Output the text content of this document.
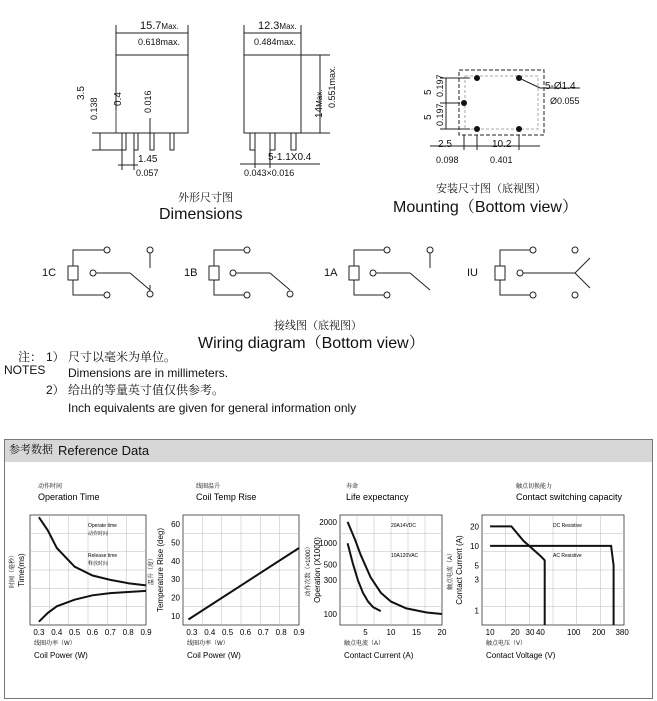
15.7Max.
0.618max.
3.5
0.138 0.4 0.016
1.45
0.057
12.3Max.
0.484max.
14Max. 0.551max.
5-1.1X0.4
0.043×0.016
外形尺寸图
Dimensions
5-Ø1.4
Ø0.055
5
5
0.197
0.197
2.5
0.098
10.2
0.401
安装尺寸图（底视图）
Mounting（Bottom view）
1C	1B	1A	IU
接线图（底视图）
Wiring diagram（Bottom view）
注：
NOTES
1） 尺寸以毫米为单位。
Dimensions are in millimeters.
2） 给出的等量英寸值仅供参考。
Inch equivalents are given for general information only
参考数据 Reference Data
动作时间
Operation Time
0.3 0.4 0.5 0.6 0.7 0.8 0.9
线圈功率（W）
Coil Power (W)
时间（毫秒） Time(ms)
Operate time
动作时间
Release time
释放时间
线圈温升
Coil Temp Rise
0.3 0.4 0.5 0.6 0.7 0.8 0.9
10
20
30
40
50
60
线圈功率（W）
Coil Power (W)
温升（度） Temperature Rise (deg)
寿命
Life expectancy
5 10 15 20
100
300
500
1000
2000
触点电流（A）
Contact Current (A)
动作次数（×1000） Operation (X1000)
20A14VDC
10A120VAC
触点切换能力
Contact switching capacity
10 20 30 40	100 200 380
1
3
5
10
20
触点电压（V）
Contact Voltage (V)
触点电流（A） Contact Current (A)
DC Resistive
AC Resistive
